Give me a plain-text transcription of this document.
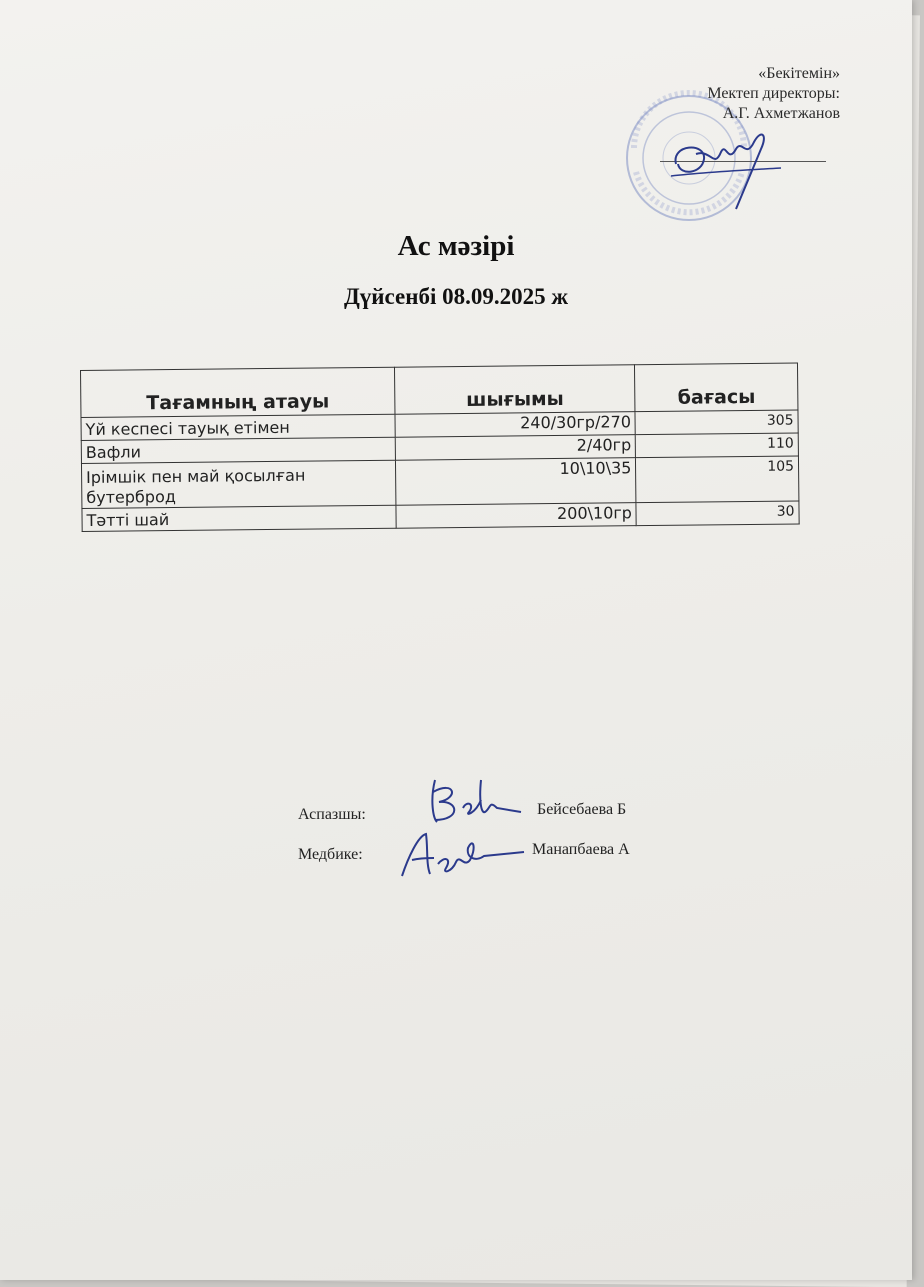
«Бекітемін»
Мектеп директоры:
А.Г. Ахметжанов
Ас мәзірі
Дүйсенбі 08.09.2025 ж
Тағамның атауы	шығымы	бағасы
Үй кеспесі тауық етімен	240/30гр/270	305
Вафли	2/40гр	110
Ірімшік пен май қосылған бутерброд	10\10\35	105
Тәтті шай	200\10гр	30
Аспазшы:	Бейсебаева Б
Медбике:	Манапбаева А
